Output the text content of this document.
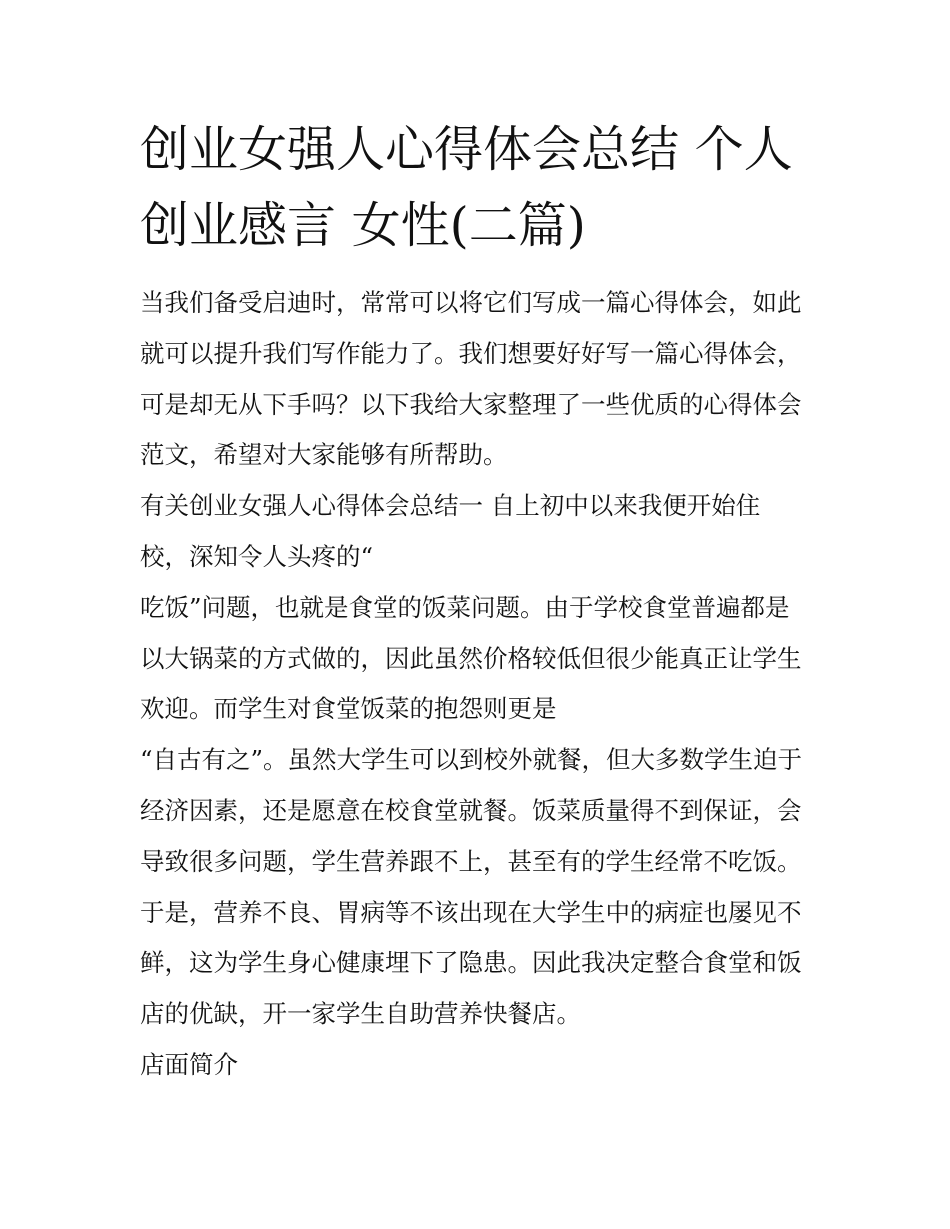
创业女强人心得体会总结 个人
创业感言 女性(二篇)
当我们备受启迪时，常常可以将它们写成一篇心得体会，如此
就可以提升我们写作能力了。我们想要好好写一篇心得体会，
可是却无从下手吗？以下我给大家整理了一些优质的心得体会
范文，希望对大家能够有所帮助。
有关创业女强人心得体会总结一 自上初中以来我便开始住
校，深知令人头疼的“
吃饭”问题，也就是食堂的饭菜问题。由于学校食堂普遍都是
以大锅菜的方式做的，因此虽然价格较低但很少能真正让学生
欢迎。而学生对食堂饭菜的抱怨则更是
“自古有之”。虽然大学生可以到校外就餐，但大多数学生迫于
经济因素，还是愿意在校食堂就餐。饭菜质量得不到保证，会
导致很多问题，学生营养跟不上，甚至有的学生经常不吃饭。
于是，营养不良、胃病等不该出现在大学生中的病症也屡见不
鲜，这为学生身心健康埋下了隐患。因此我决定整合食堂和饭
店的优缺，开一家学生自助营养快餐店。
店面简介
